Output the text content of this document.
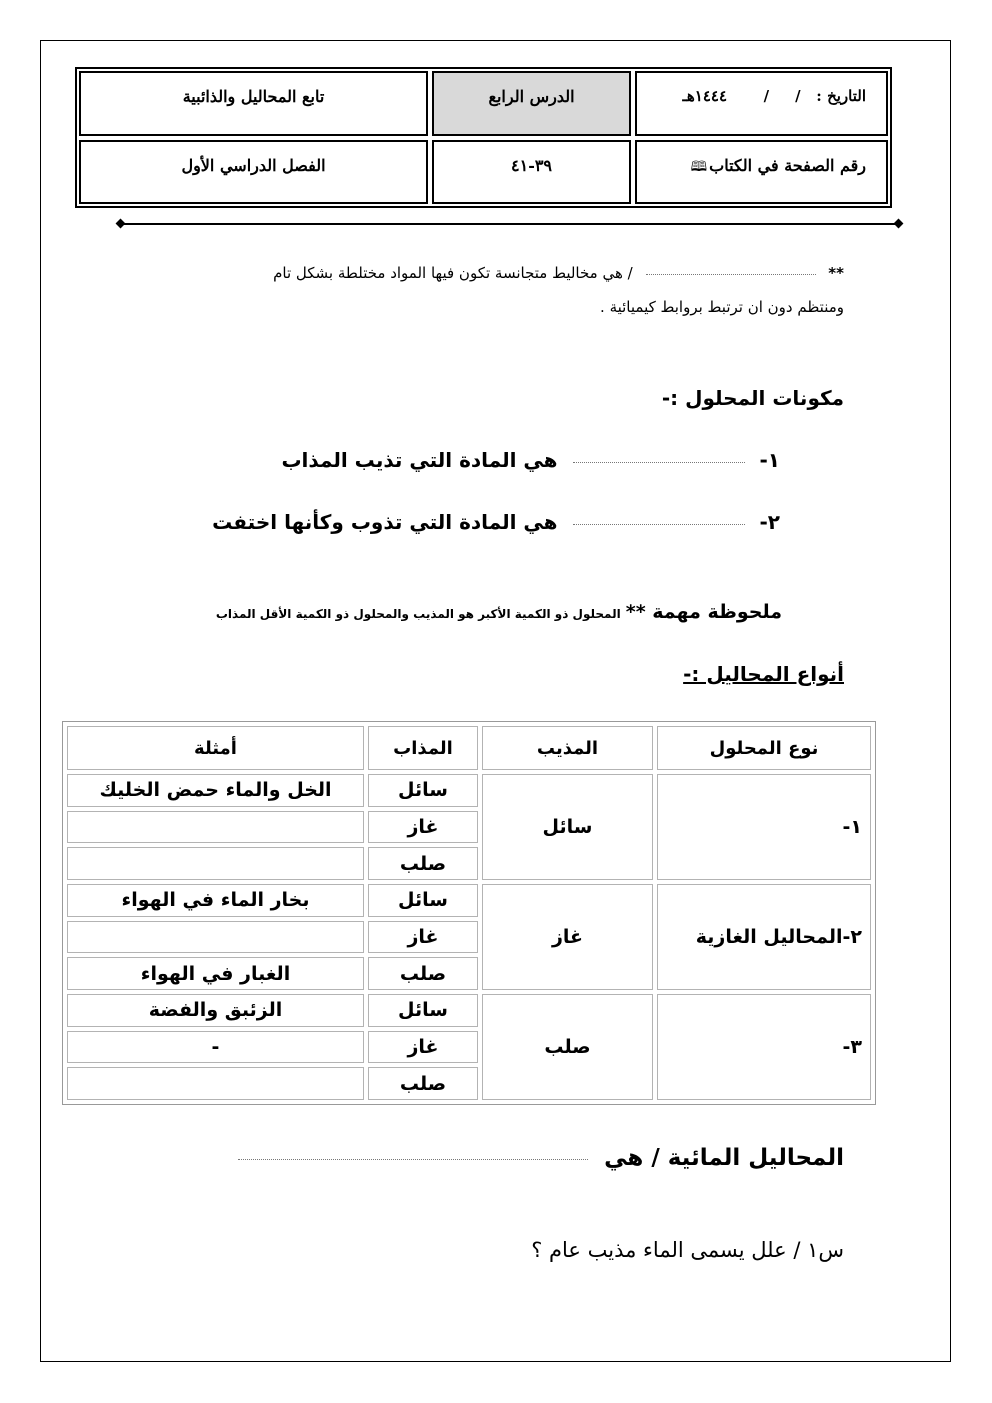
تابع المحاليل والذائبية	الدرس الرابع	التاريخ :   /     /       ١٤٤٤هـ
الفصل الدراسي الأول	٣٩-٤١	رقم الصفحة في الكتاب
🕮
**  / هي مخاليط متجانسة تكون فيها المواد مختلطة بشكل تام
ومنتظم دون ان ترتبط بروابط كيميائية .
مكونات المحلول :-
١-  هي المادة التي تذيب المذاب
٢-  هي المادة التي تذوب وكأنها اختفت
ملحوظة مهمة ** المحلول ذو الكمية الأكبر هو المذيب والمحلول ذو الكمية الأقل المذاب
أنواع المحاليل :-
نوع المحلول	المذيب	المذاب	أمثلة
١-	سائل	سائل	الخل والماء حمض الخليك
		غاز	
		صلب	
٢-المحاليل الغازية	غاز	سائل	بخار الماء في الهواء
		غاز	
		صلب	الغبار في الهواء
٣-	صلب	سائل	الزئبق والفضة
		غاز	-
		صلب	
المحاليل المائية / هي
س١ / علل يسمى الماء مذيب عام ؟
